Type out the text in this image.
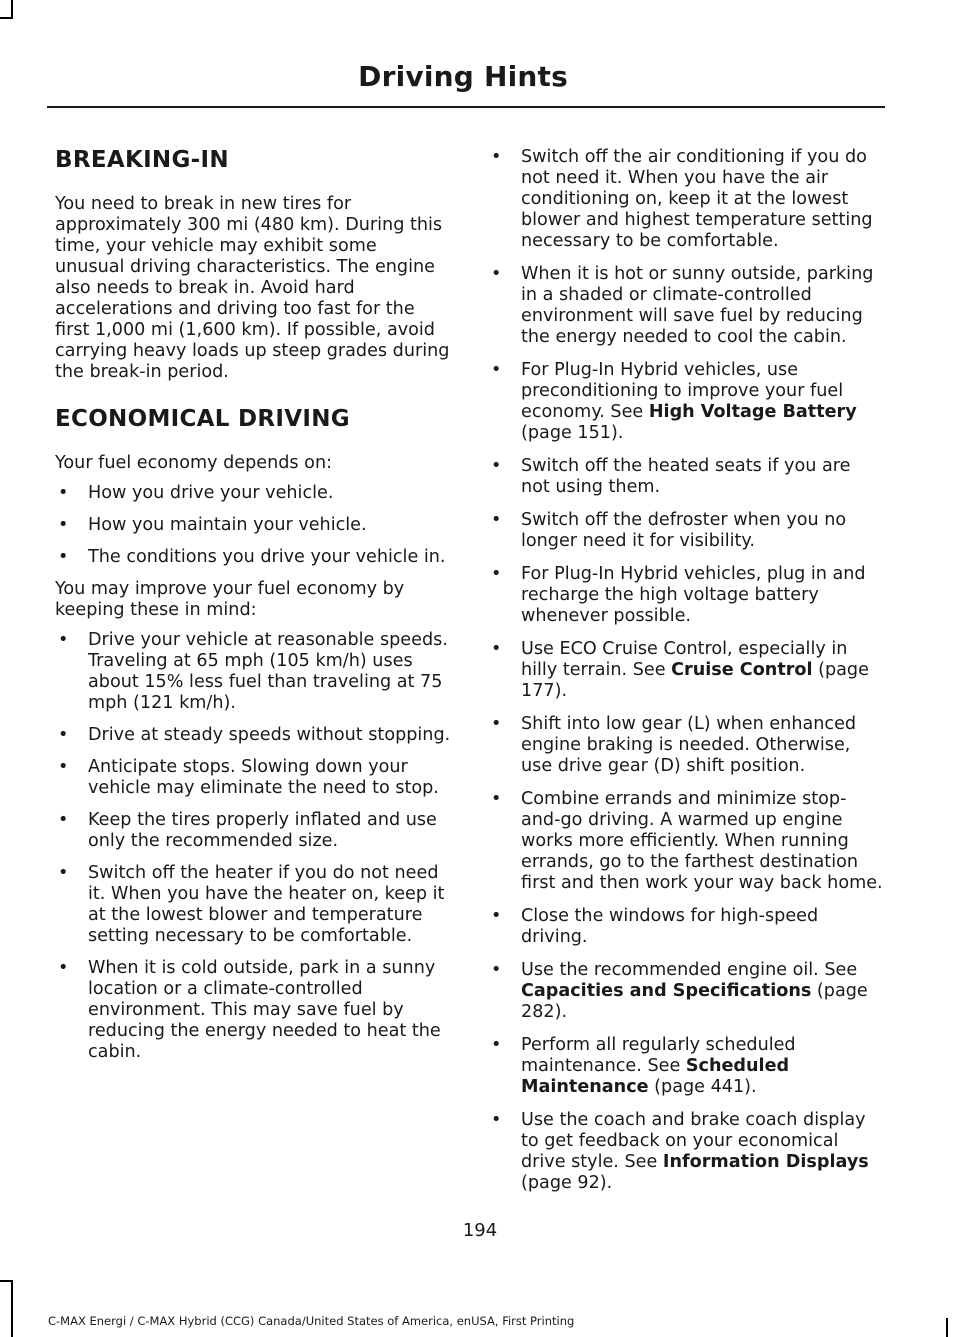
Driving Hints
BREAKING-IN

You need to break in new tires for approximately 300 mi (480 km). During this time, your vehicle may exhibit some unusual driving characteristics. The engine also needs to break in. Avoid hard accelerations and driving too fast for the first 1,000 mi (1,600 km). If possible, avoid carrying heavy loads up steep grades during the break-in period.

ECONOMICAL DRIVING

Your fuel economy depends on:

• How you drive your vehicle.
• How you maintain your vehicle.
• The conditions you drive your vehicle in.

You may improve your fuel economy by keeping these in mind:

• Drive your vehicle at reasonable speeds. Traveling at 65 mph (105 km/h) uses about 15% less fuel than traveling at 75 mph (121 km/h).
• Drive at steady speeds without stopping.
• Anticipate stops. Slowing down your vehicle may eliminate the need to stop.
• Keep the tires properly inflated and use only the recommended size.
• Switch off the heater if you do not need it. When you have the heater on, keep it at the lowest blower and temperature setting necessary to be comfortable.
• When it is cold outside, park in a sunny location or a climate-controlled environment. This may save fuel by reducing the energy needed to heat the cabin.
• Switch off the air conditioning if you do not need it. When you have the air conditioning on, keep it at the lowest blower and highest temperature setting necessary to be comfortable.
• When it is hot or sunny outside, parking in a shaded or climate-controlled environment will save fuel by reducing the energy needed to cool the cabin.
• For Plug-In Hybrid vehicles, use preconditioning to improve your fuel economy. See High Voltage Battery (page 151).
• Switch off the heated seats if you are not using them.
• Switch off the defroster when you no longer need it for visibility.
• For Plug-In Hybrid vehicles, plug in and recharge the high voltage battery whenever possible.
• Use ECO Cruise Control, especially in hilly terrain. See Cruise Control (page 177).
• Shift into low gear (L) when enhanced engine braking is needed. Otherwise, use drive gear (D) shift position.
• Combine errands and minimize stop-and-go driving. A warmed up engine works more efficiently. When running errands, go to the farthest destination first and then work your way back home.
• Close the windows for high-speed driving.
• Use the recommended engine oil. See Capacities and Specifications (page 282).
• Perform all regularly scheduled maintenance. See Scheduled Maintenance (page 441).
• Use the coach and brake coach display to get feedback on your economical drive style. See Information Displays (page 92).
194
C-MAX Energi / C-MAX Hybrid (CCG) Canada/United States of America, enUSA, First Printing
